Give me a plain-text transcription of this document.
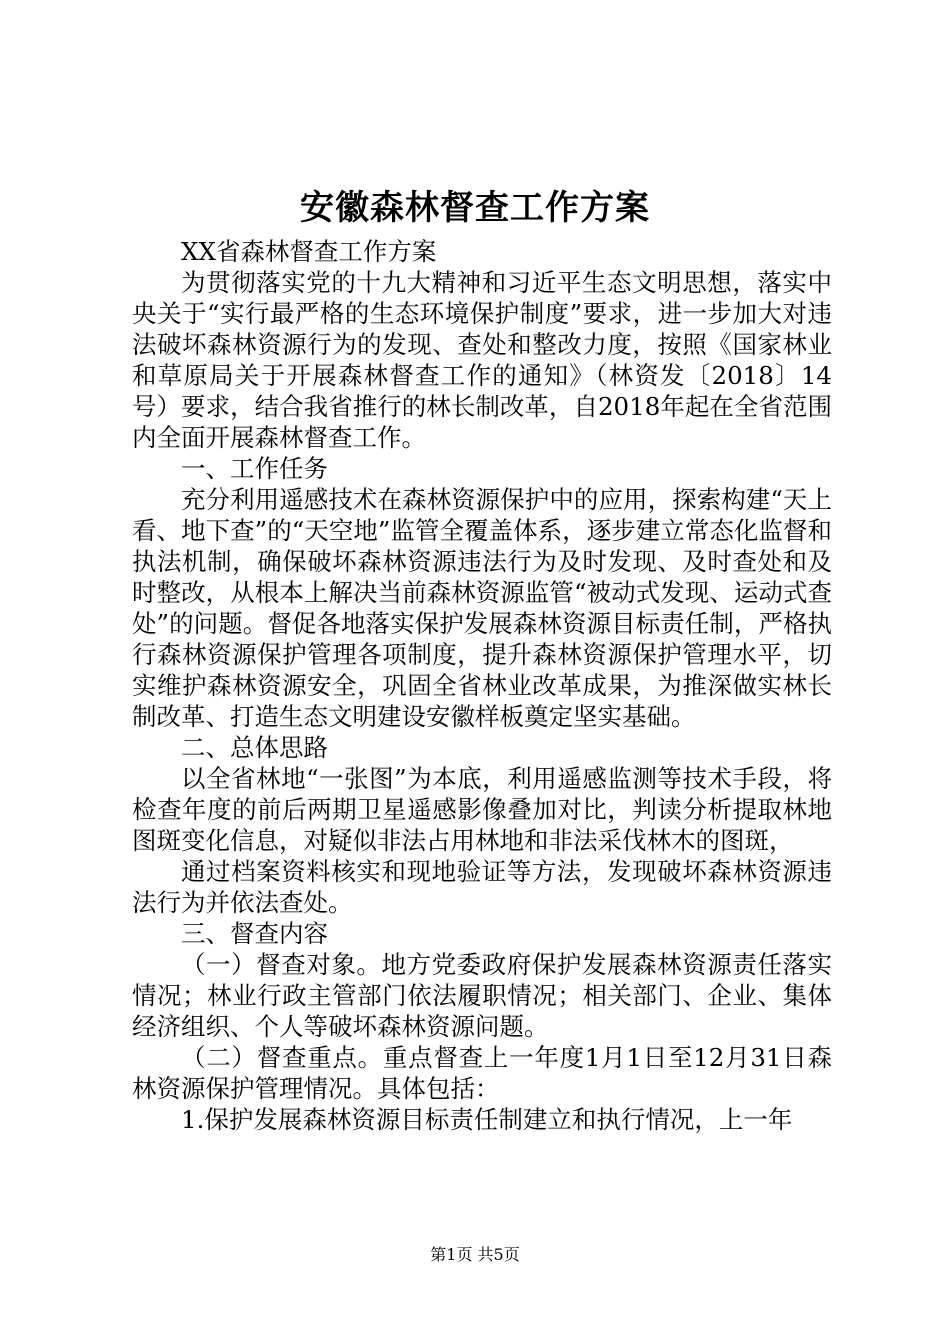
安徽森林督查工作方案

XX省森林督查工作方案

为贯彻落实党的十九大精神和习近平生态文明思想，落实中央关于“实行最严格的生态环境保护制度”要求，进一步加大对违法破坏森林资源行为的发现、查处和整改力度，按照《国家林业和草原局关于开展森林督查工作的通知》（林资发〔2018〕14号）要求，结合我省推行的林长制改革，自2018年起在全省范围内全面开展森林督查工作。

一、工作任务

充分利用遥感技术在森林资源保护中的应用，探索构建“天上看、地下查”的“天空地”监管全覆盖体系，逐步建立常态化监督和执法机制，确保破坏森林资源违法行为及时发现、及时查处和及时整改，从根本上解决当前森林资源监管“被动式发现、运动式查处”的问题。督促各地落实保护发展森林资源目标责任制，严格执行森林资源保护管理各项制度，提升森林资源保护管理水平，切实维护森林资源安全，巩固全省林业改革成果，为推深做实林长制改革、打造生态文明建设安徽样板奠定坚实基础。

二、总体思路

以全省林地“一张图”为本底，利用遥感监测等技术手段，将检查年度的前后两期卫星遥感影像叠加对比，判读分析提取林地图斑变化信息，对疑似非法占用林地和非法采伐林木的图斑，

通过档案资料核实和现地验证等方法，发现破坏森林资源违法行为并依法查处。

三、督查内容

（一）督查对象。地方党委政府保护发展森林资源责任落实情况；林业行政主管部门依法履职情况；相关部门、企业、集体经济组织、个人等破坏森林资源问题。

（二）督查重点。重点督查上一年度1月1日至12月31日森林资源保护管理情况。具体包括：

1.保护发展森林资源目标责任制建立和执行情况，上一年

第1页 共5页
